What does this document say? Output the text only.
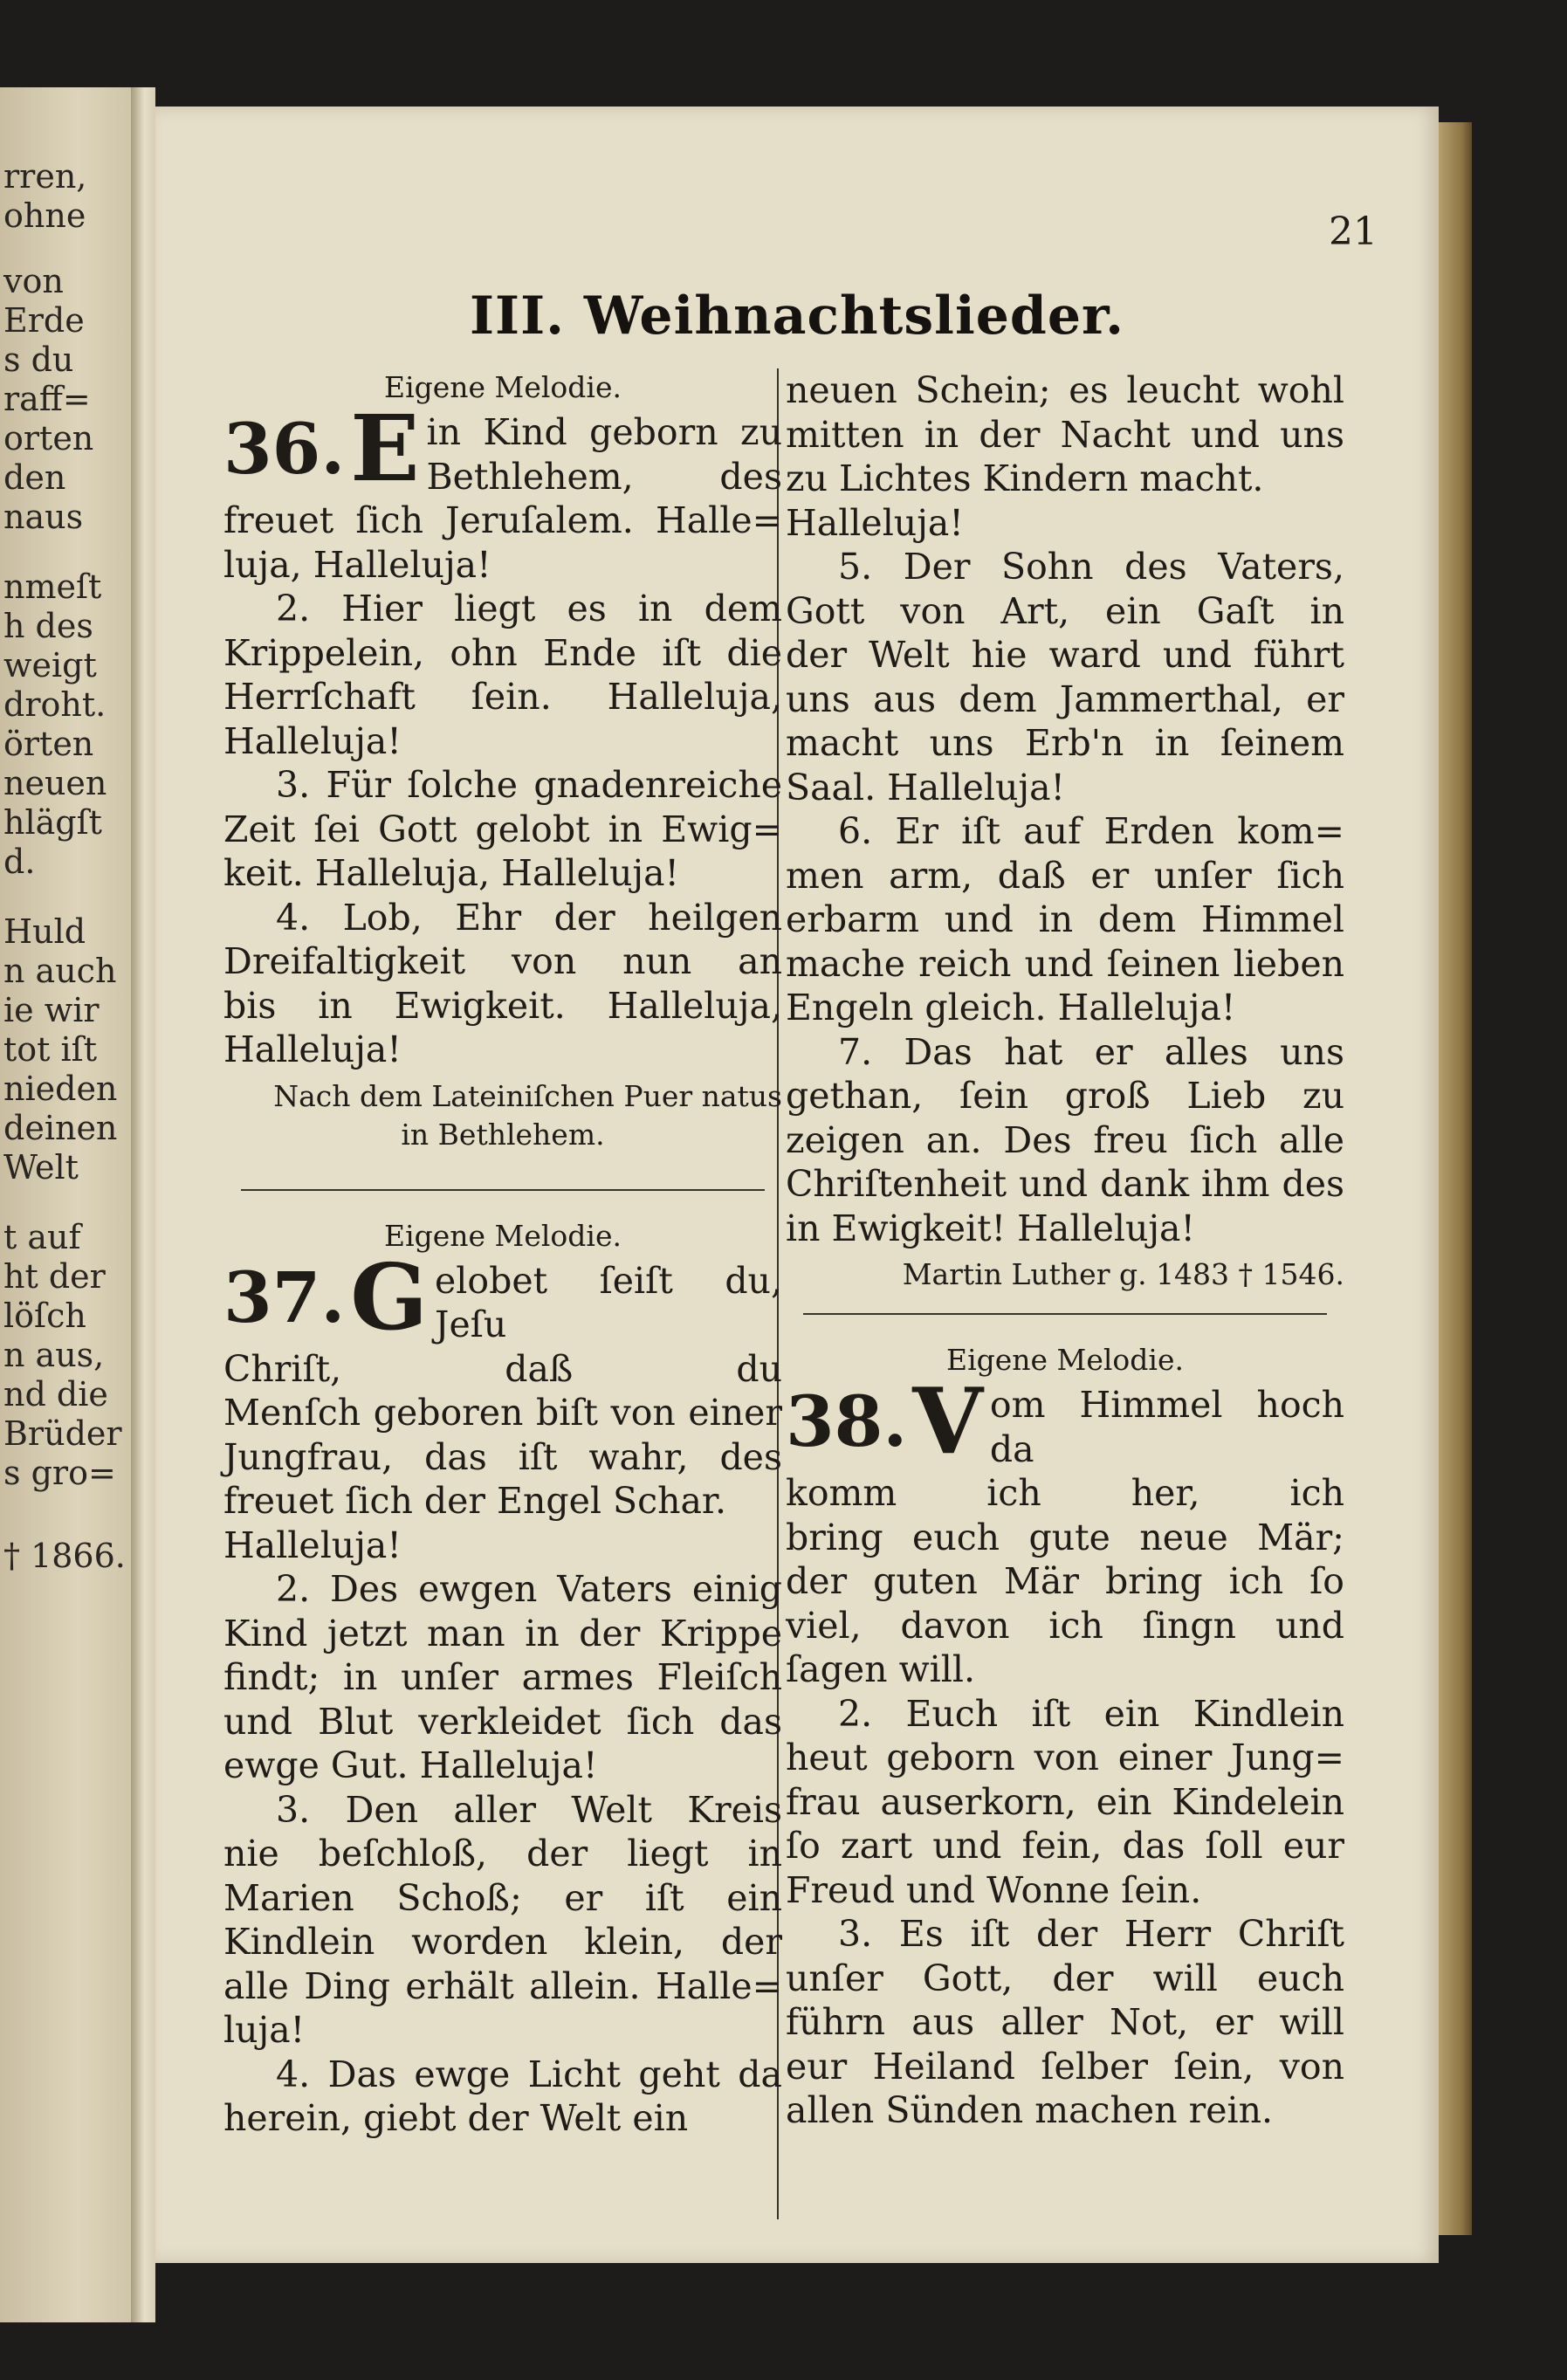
rren,
ohne
von
Erde
s du
raff=
orten
den
naus
nmeſt
h des
weigt
droht.
örten
neuen
hlägſt
d.
Huld
n auch
ie wir
tot iſt
nieden
deinen
Welt
t auf
ht der
löſch
n aus,
nd die
Brüder
s gro=
† 1866.
21
III. Weihnachtslieder.

Eigene Melodie.

36. E in Kind geborn zu

Bethlehem, des

freuet ſich Jeruſalem. Halle=

luja, Halleluja!

2. Hier liegt es in dem

Krippelein, ohn Ende iſt die

Herrſchaft ſein. Halleluja,

Halleluja!

3. Für ſolche gnadenreiche

Zeit ſei Gott gelobt in Ewig=

keit. Halleluja, Halleluja!

4. Lob, Ehr der heilgen

Dreifaltigkeit von nun an

bis in Ewigkeit. Halleluja,

Halleluja!

Nach dem Lateiniſchen Puer natus

in Bethlehem.

Eigene Melodie.

37. G elobet ſeiſt du, Jeſu

Chriſt, daß du

Menſch geboren biſt von einer

Jungfrau, das iſt wahr, des

freuet ſich der Engel Schar.

Halleluja!

2. Des ewgen Vaters einig

Kind jetzt man in der Krippe

findt; in unſer armes Fleiſch

und Blut verkleidet ſich das

ewge Gut. Halleluja!

3. Den aller Welt Kreis

nie beſchloß, der liegt in

Marien Schoß; er iſt ein

Kindlein worden klein, der

alle Ding erhält allein. Halle=

luja!

4. Das ewge Licht geht da

herein, giebt der Welt ein

neuen Schein; es leucht wohl

mitten in der Nacht und uns

zu Lichtes Kindern macht.

Halleluja!

5. Der Sohn des Vaters,

Gott von Art, ein Gaſt in

der Welt hie ward und führt

uns aus dem Jammerthal, er

macht uns Erb'n in ſeinem

Saal. Halleluja!

6. Er iſt auf Erden kom=

men arm, daß er unſer ſich

erbarm und in dem Himmel

mache reich und ſeinen lieben

Engeln gleich. Halleluja!

7. Das hat er alles uns

gethan, ſein groß Lieb zu

zeigen an. Des freu ſich alle

Chriſtenheit und dank ihm des

in Ewigkeit! Halleluja!

Martin Luther g. 1483 † 1546.

Eigene Melodie.

38. V om Himmel hoch da

komm ich her, ich

bring euch gute neue Mär;

der guten Mär bring ich ſo

viel, davon ich ſingn und

ſagen will.

2. Euch iſt ein Kindlein

heut geborn von einer Jung=

frau auserkorn, ein Kindelein

ſo zart und fein, das ſoll eur

Freud und Wonne ſein.

3. Es iſt der Herr Chriſt

unſer Gott, der will euch

führn aus aller Not, er will

eur Heiland ſelber ſein, von

allen Sünden machen rein.
